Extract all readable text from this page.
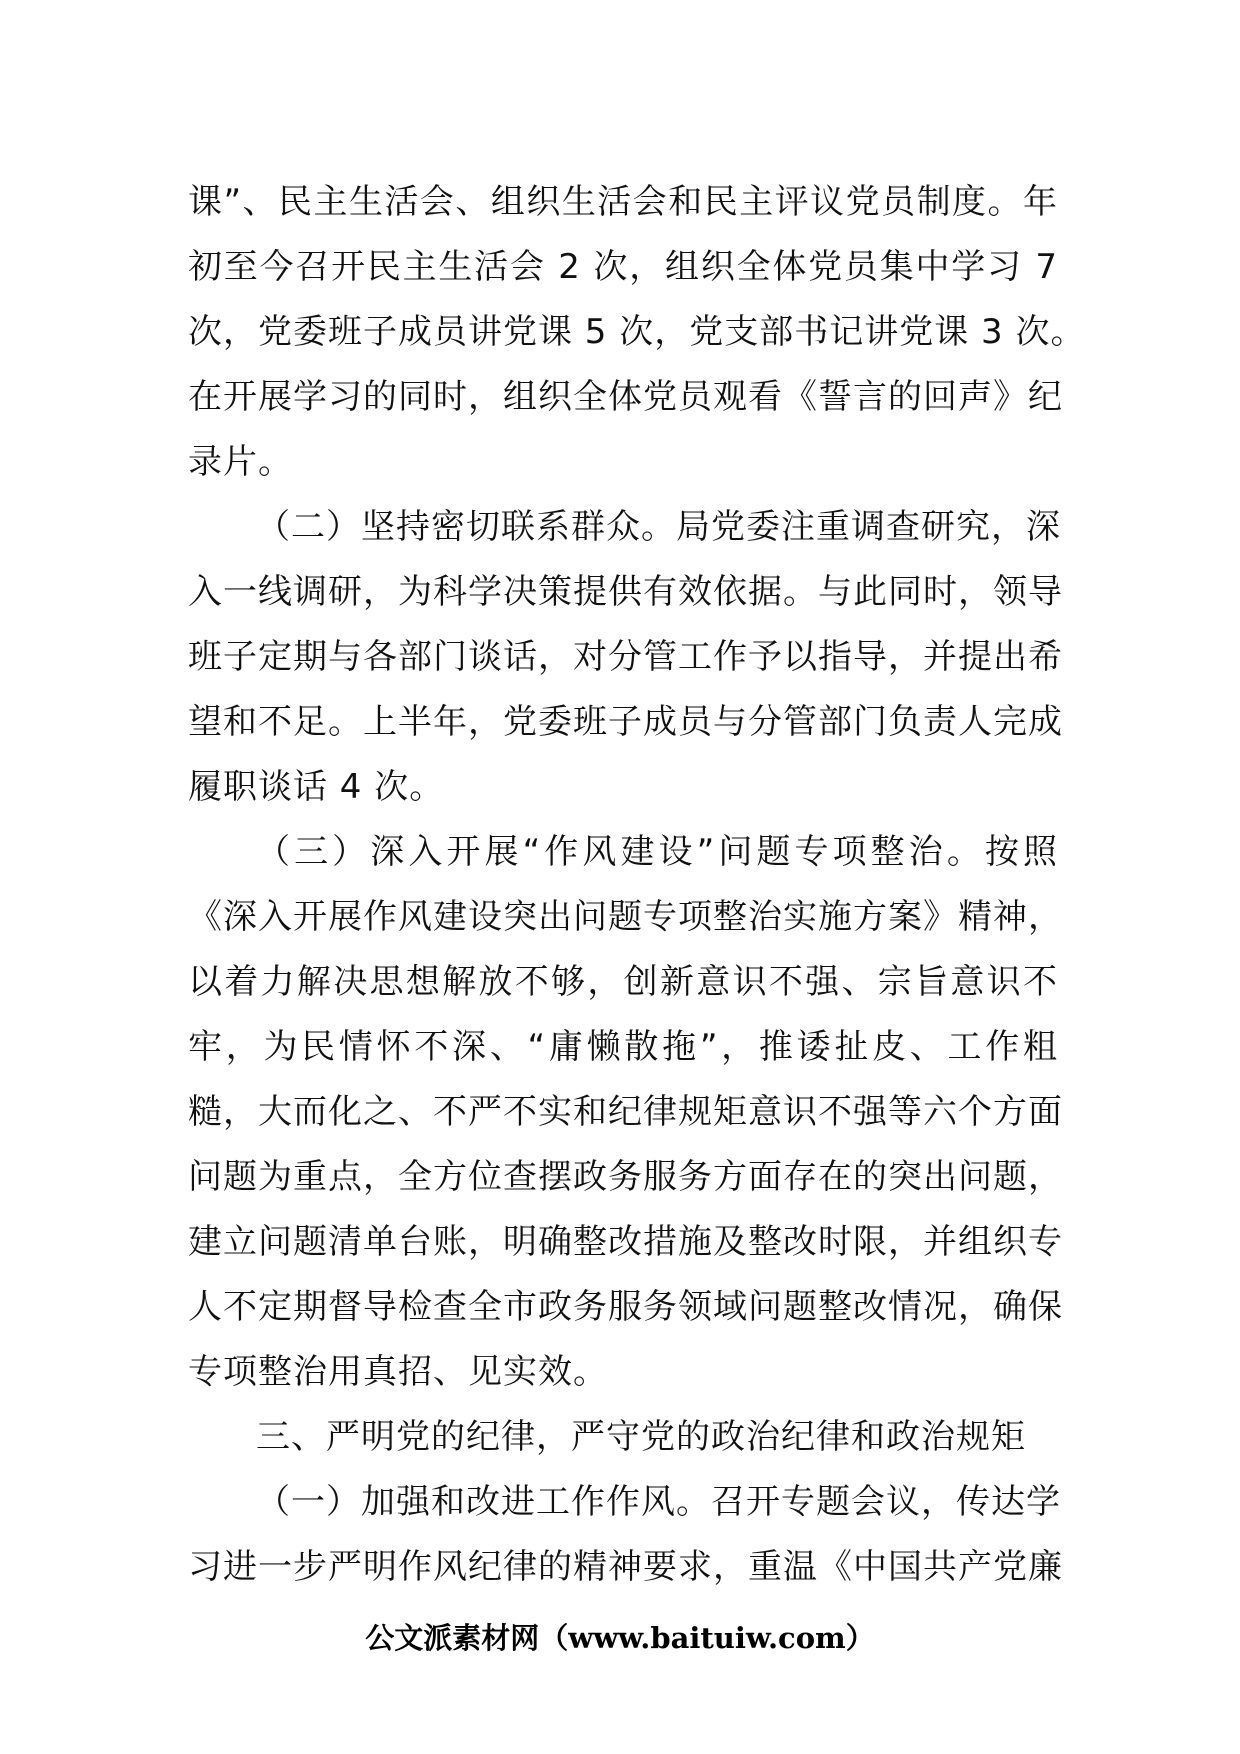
课”、民主生活会、组织生活会和民主评议党员制度。年
初至今召开民主生活会 2 次，组织全体党员集中学习 7
次，党委班子成员讲党课 5 次，党支部书记讲党课 3 次。
在开展学习的同时，组织全体党员观看《誓言的回声》纪
录片。
（二）坚持密切联系群众。局党委注重调查研究，深
入一线调研，为科学决策提供有效依据。与此同时，领导
班子定期与各部门谈话，对分管工作予以指导，并提出希
望和不足。上半年，党委班子成员与分管部门负责人完成
履职谈话 4 次。
（三）深入开展“作风建设”问题专项整治。按照
《深入开展作风建设突出问题专项整治实施方案》精神，
以着力解决思想解放不够，创新意识不强、宗旨意识不
牢，为民情怀不深、“庸懒散拖”，推诿扯皮、工作粗
糙，大而化之、不严不实和纪律规矩意识不强等六个方面
问题为重点，全方位查摆政务服务方面存在的突出问题，
建立问题清单台账，明确整改措施及整改时限，并组织专
人不定期督导检查全市政务服务领域问题整改情况，确保
专项整治用真招、见实效。
三、严明党的纪律，严守党的政治纪律和政治规矩
（一）加强和改进工作作风。召开专题会议，传达学
习进一步严明作风纪律的精神要求，重温《中国共产党廉
公文派素材网（www.baituiw.com）
